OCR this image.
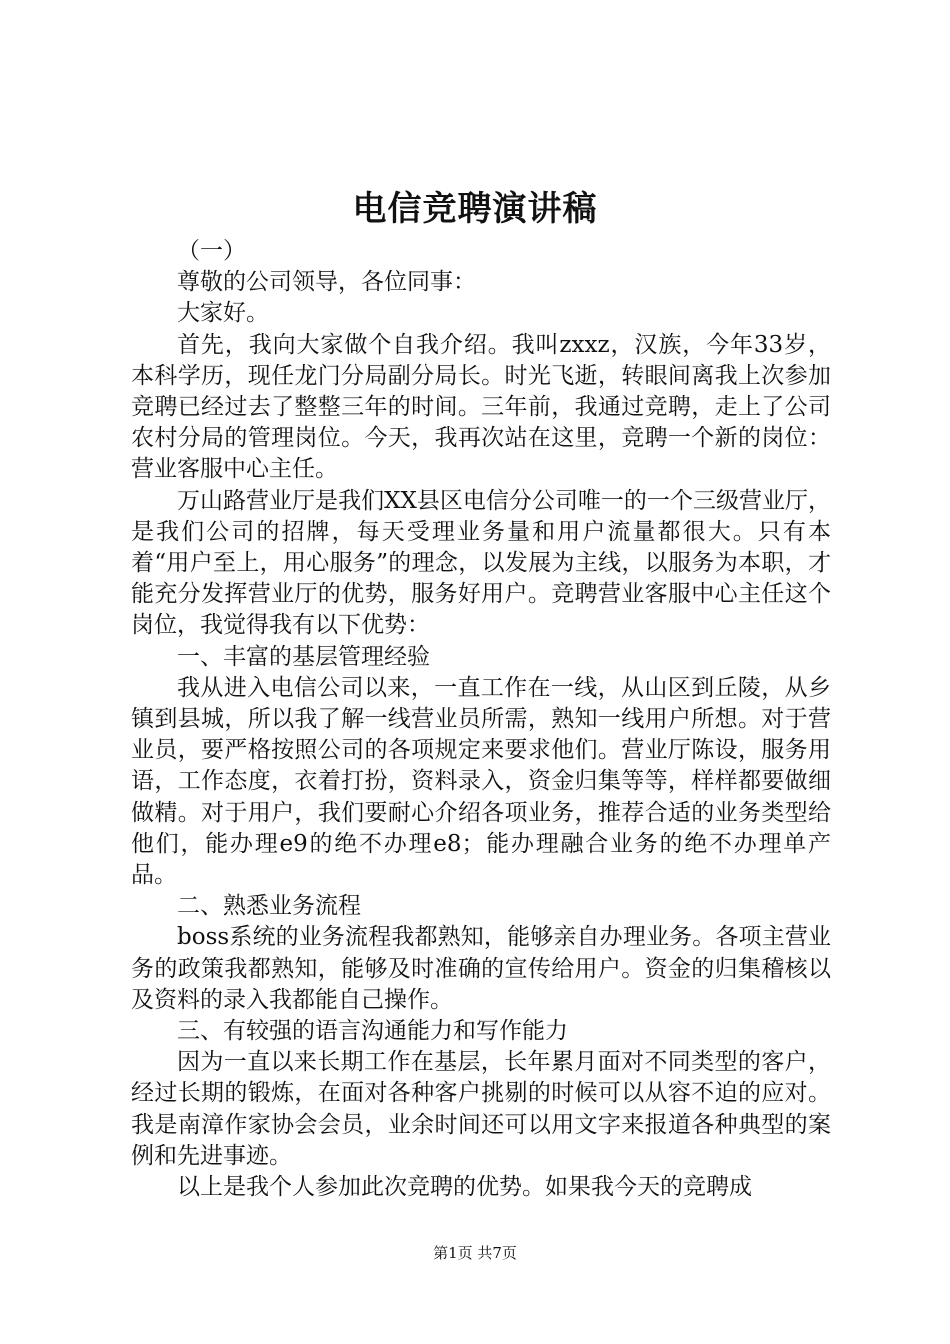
电信竞聘演讲稿

（一）

尊敬的公司领导，各位同事：

大家好。

首先，我向大家做个自我介绍。我叫zxxz，汉族，今年33岁，本科学历，现任龙门分局副分局长。时光飞逝，转眼间离我上次参加竞聘已经过去了整整三年的时间。三年前，我通过竞聘，走上了公司农村分局的管理岗位。今天，我再次站在这里，竞聘一个新的岗位：营业客服中心主任。

万山路营业厅是我们XX县区电信分公司唯一的一个三级营业厅，是我们公司的招牌，每天受理业务量和用户流量都很大。只有本着“用户至上，用心服务”的理念，以发展为主线，以服务为本职，才能充分发挥营业厅的优势，服务好用户。竞聘营业客服中心主任这个岗位，我觉得我有以下优势：

一、丰富的基层管理经验

我从进入电信公司以来，一直工作在一线，从山区到丘陵，从乡镇到县城，所以我了解一线营业员所需，熟知一线用户所想。对于营业员，要严格按照公司的各项规定来要求他们。营业厅陈设，服务用语，工作态度，衣着打扮，资料录入，资金归集等等，样样都要做细做精。对于用户，我们要耐心介绍各项业务，推荐合适的业务类型给他们，能办理e9的绝不办理e8；能办理融合业务的绝不办理单产品。

二、熟悉业务流程

boss系统的业务流程我都熟知，能够亲自办理业务。各项主营业务的政策我都熟知，能够及时准确的宣传给用户。资金的归集稽核以及资料的录入我都能自己操作。

三、有较强的语言沟通能力和写作能力

因为一直以来长期工作在基层，长年累月面对不同类型的客户，经过长期的锻炼，在面对各种客户挑剔的时候可以从容不迫的应对。我是南漳作家协会会员，业余时间还可以用文字来报道各种典型的案例和先进事迹。

以上是我个人参加此次竞聘的优势。如果我今天的竞聘成

第1页 共7页
